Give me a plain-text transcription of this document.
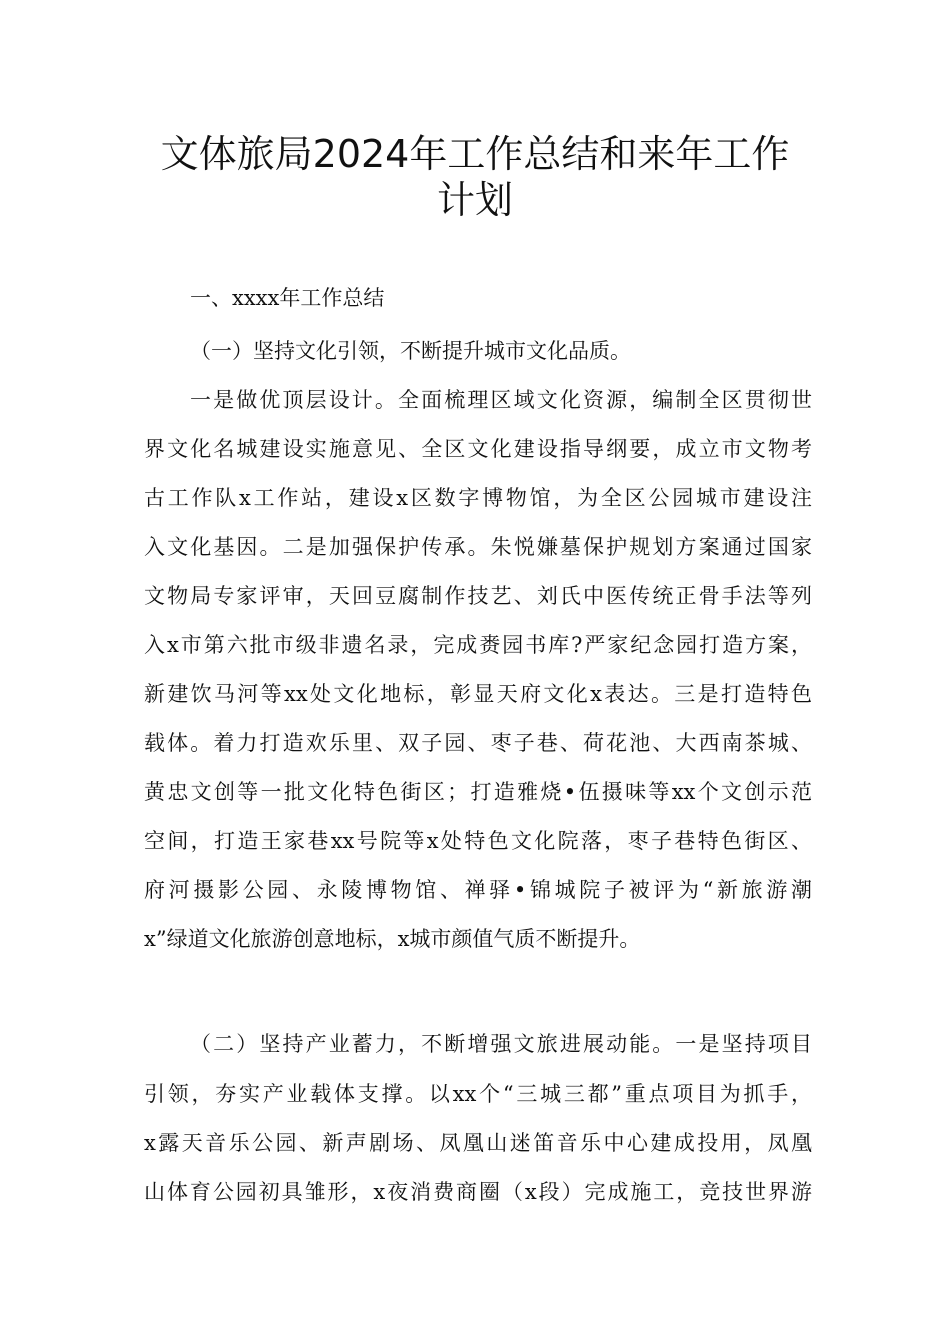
文体旅局2024年工作总结和来年工作
计划

一、xxxx年工作总结

（一）坚持文化引领，不断提升城市文化品质。

一是做优顶层设计。全面梳理区域文化资源，编制全区贯彻世

界文化名城建设实施意见、全区文化建设指导纲要，成立市文物考

古工作队x工作站，建设x区数字博物馆，为全区公园城市建设注

入文化基因。二是加强保护传承。朱悦嫌墓保护规划方案通过国家

文物局专家评审，天回豆腐制作技艺、刘氏中医传统正骨手法等列

入x市第六批市级非遗名录，完成赉园书库?严家纪念园打造方案，

新建饮马河等xx处文化地标，彰显天府文化x表达。三是打造特色

载体。着力打造欢乐里、双子园、枣子巷、荷花池、大西南茶城、

黄忠文创等一批文化特色街区；打造雅烧•伍摄味等xx个文创示范

空间，打造王家巷xx号院等x处特色文化院落，枣子巷特色街区、

府河摄影公园、永陵博物馆、禅驿•锦城院子被评为“新旅游潮

x”绿道文化旅游创意地标，x城市颜值气质不断提升。

（二）坚持产业蓄力，不断增强文旅进展动能。一是坚持项目

引领，夯实产业载体支撑。以xx个“三城三都”重点项目为抓手，

x露天音乐公园、新声剧场、凤凰山迷笛音乐中心建成投用，凤凰

山体育公园初具雏形，x夜消费商圈（x段）完成施工，竞技世界游
